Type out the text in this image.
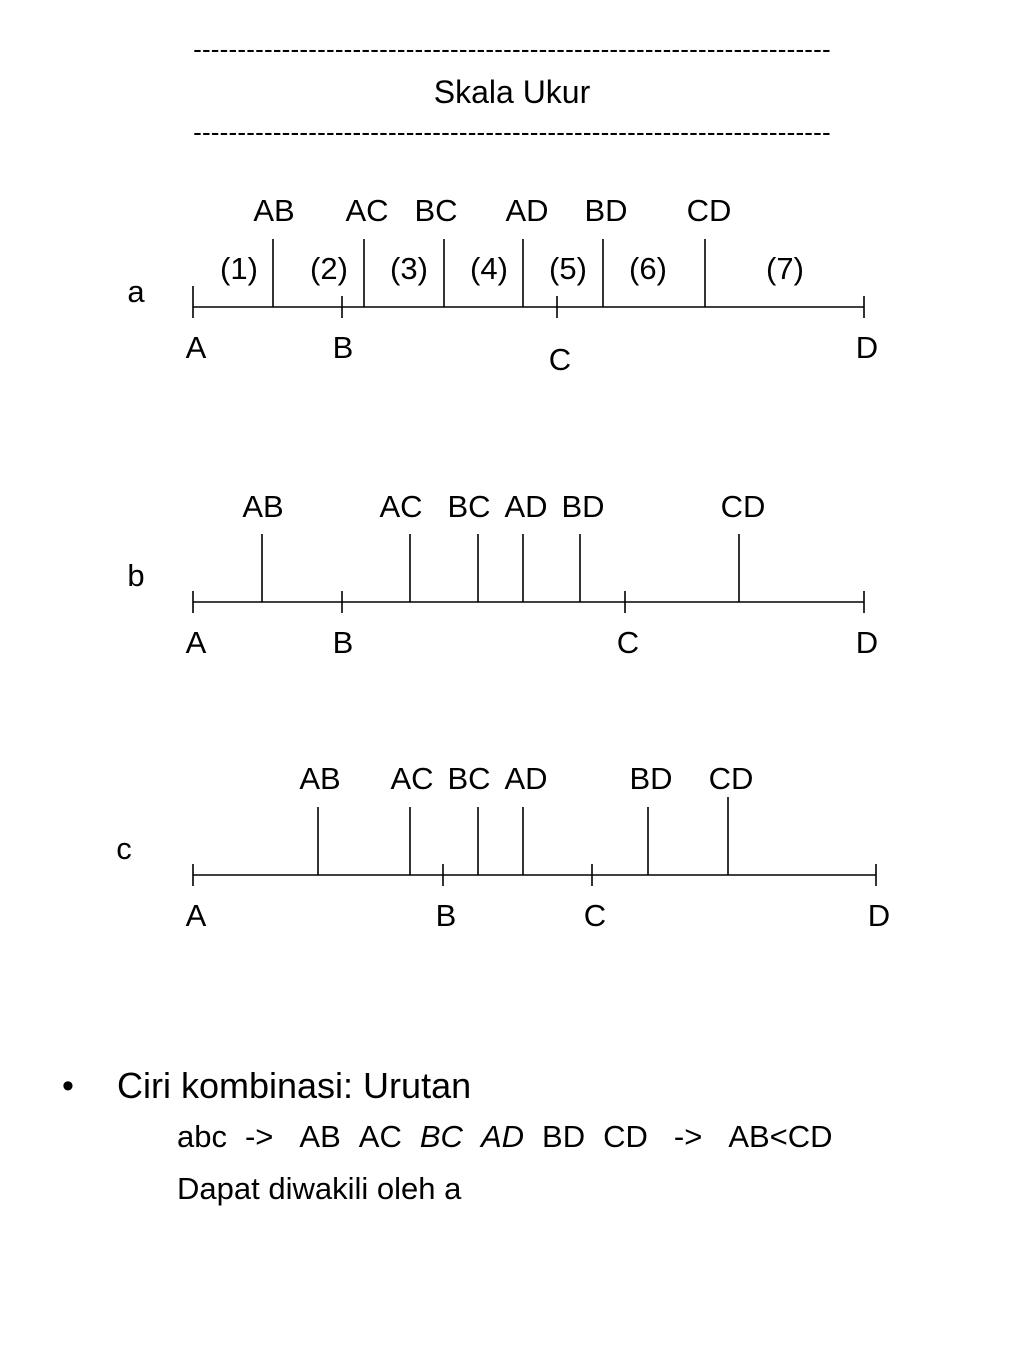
------------------------------------------------------------------------
Skala Ukur
------------------------------------------------------------------------
a
AB AC BC AD BD CD
(1) (2) (3) (4) (5) (6)	(7)
A	B	C	D
b
AB	AC BC AD BD	CD
A	B	C	D
c
AB AC BC AD	BD CD
A	B	C	D
• Ciri kombinasi: Urutan
abc -> AB AC BC AD BD CD -> AB<CD
Dapat diwakili oleh a
